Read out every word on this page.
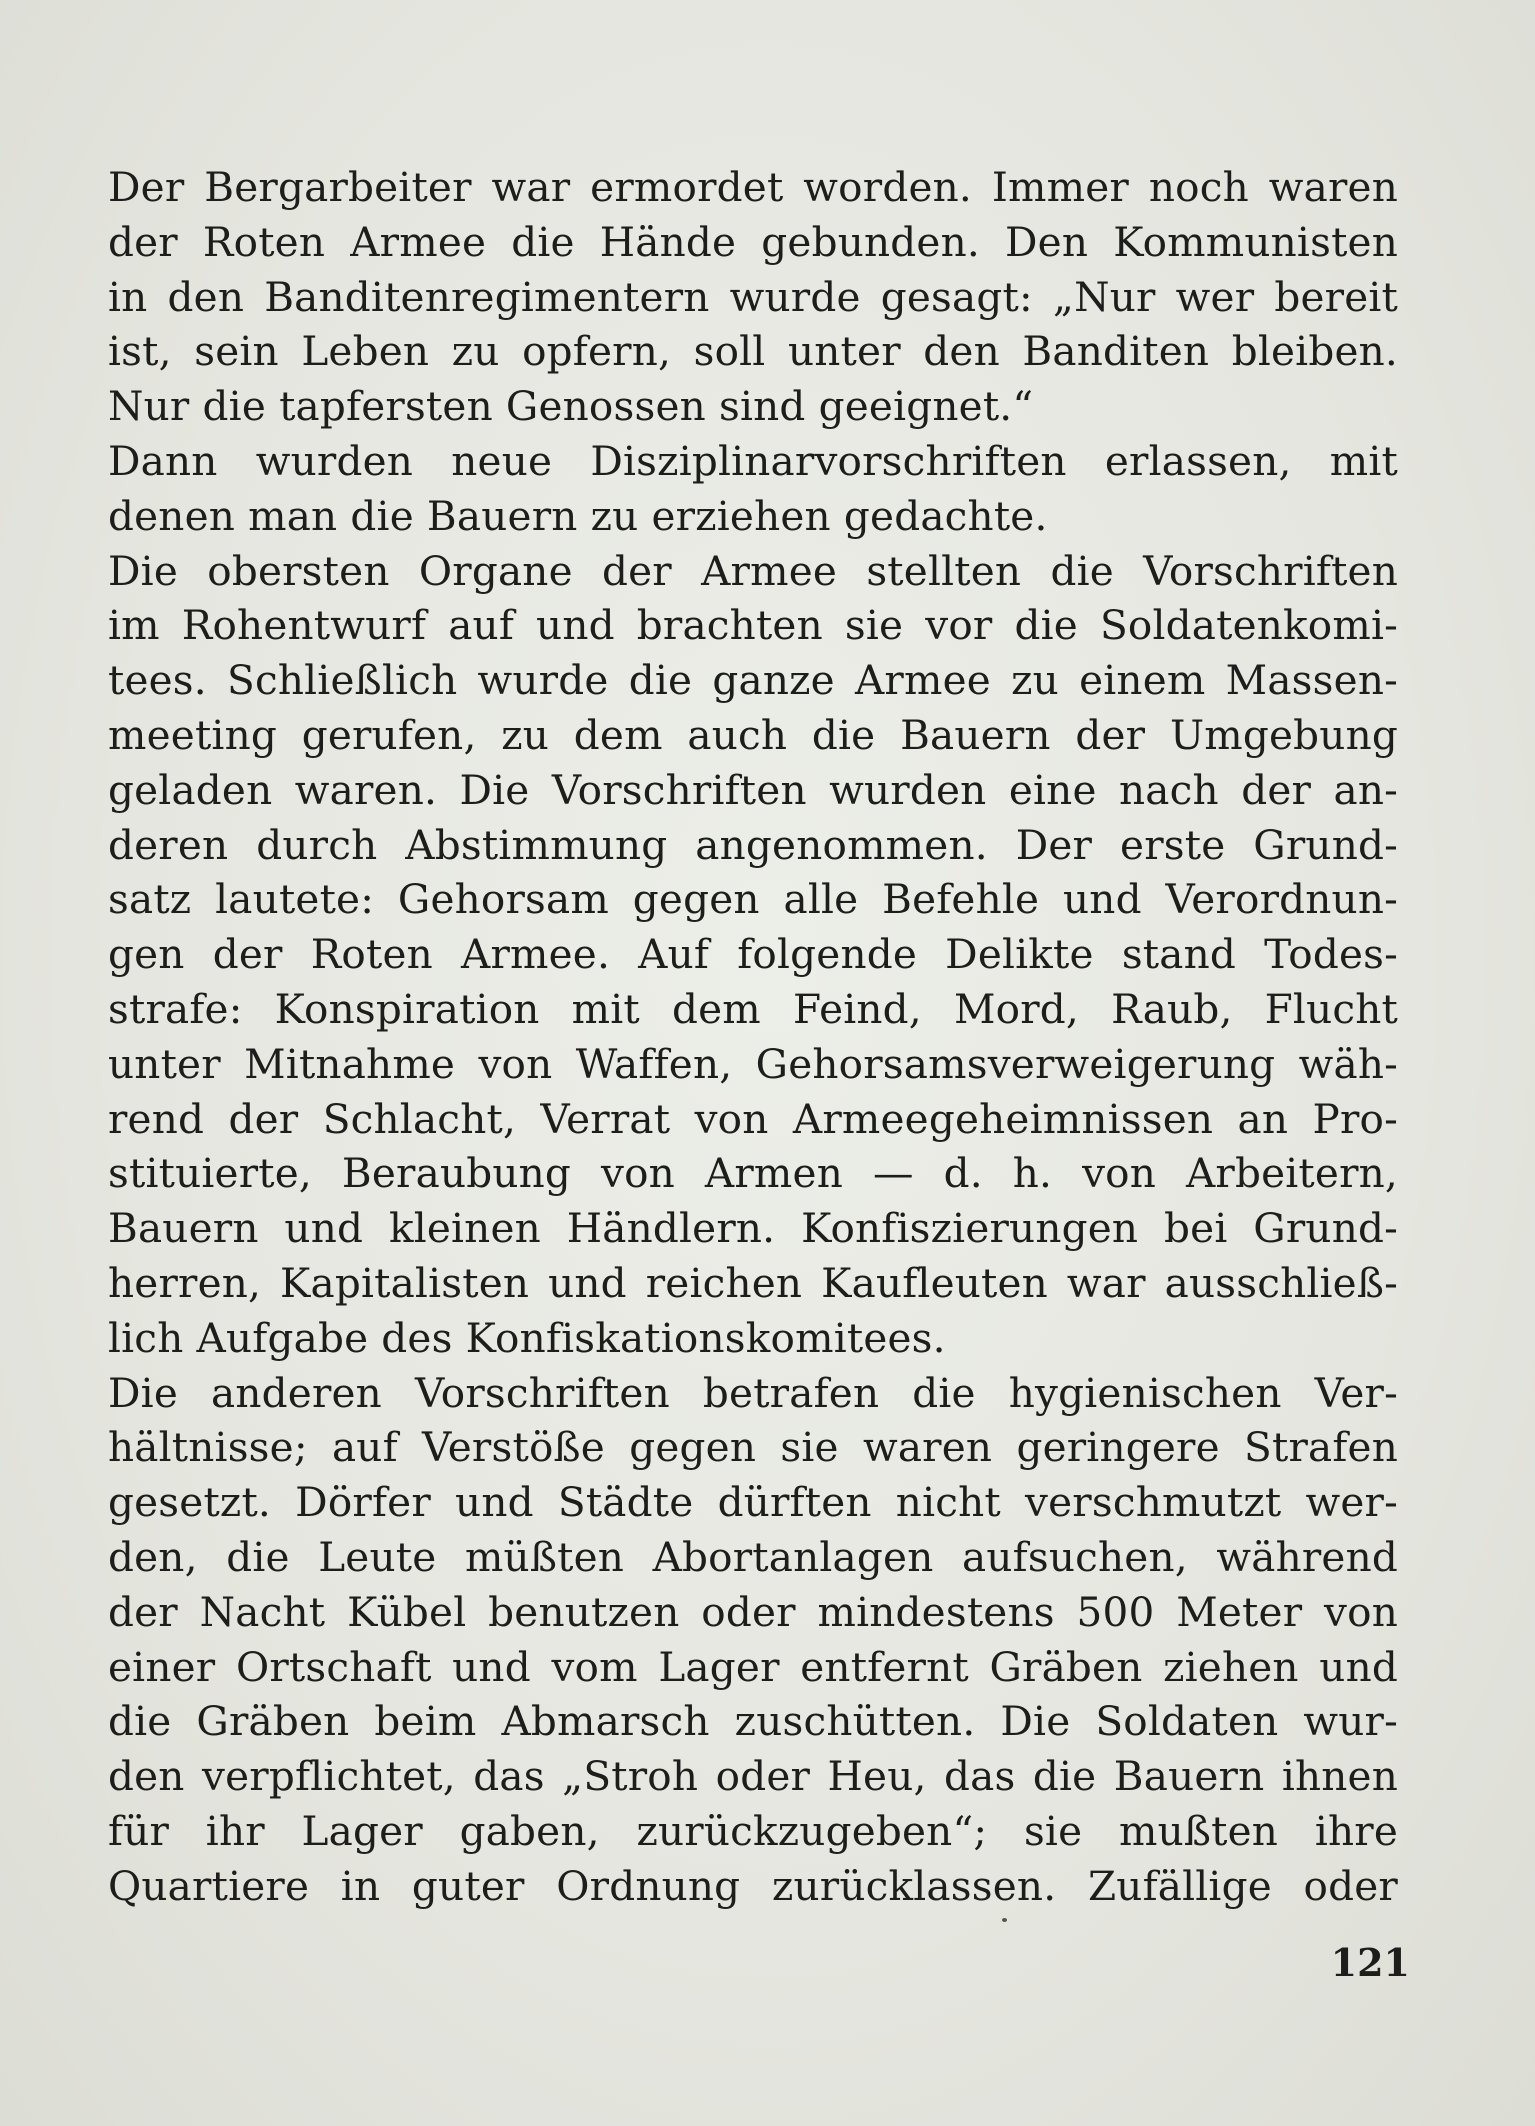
Der Bergarbeiter war ermordet worden. Immer noch waren
der Roten Armee die Hände gebunden. Den Kommunisten
in den Banditenregimentern wurde gesagt: „Nur wer bereit
ist, sein Leben zu opfern, soll unter den Banditen bleiben.
Nur die tapfersten Genossen sind geeignet.“
Dann wurden neue Disziplinarvorschriften erlassen, mit
denen man die Bauern zu erziehen gedachte.
Die obersten Organe der Armee stellten die Vorschriften
im Rohentwurf auf und brachten sie vor die Soldatenkomi-
tees. Schließlich wurde die ganze Armee zu einem Massen-
meeting gerufen, zu dem auch die Bauern der Umgebung
geladen waren. Die Vorschriften wurden eine nach der an-
deren durch Abstimmung angenommen. Der erste Grund-
satz lautete: Gehorsam gegen alle Befehle und Verordnun-
gen der Roten Armee. Auf folgende Delikte stand Todes-
strafe: Konspiration mit dem Feind, Mord, Raub, Flucht
unter Mitnahme von Waffen, Gehorsamsverweigerung wäh-
rend der Schlacht, Verrat von Armeegeheimnissen an Pro-
stituierte, Beraubung von Armen — d. h. von Arbeitern,
Bauern und kleinen Händlern. Konfiszierungen bei Grund-
herren, Kapitalisten und reichen Kaufleuten war ausschließ-
lich Aufgabe des Konfiskationskomitees.
Die anderen Vorschriften betrafen die hygienischen Ver-
hältnisse; auf Verstöße gegen sie waren geringere Strafen
gesetzt. Dörfer und Städte dürften nicht verschmutzt wer-
den, die Leute müßten Abortanlagen aufsuchen, während
der Nacht Kübel benutzen oder mindestens 500 Meter von
einer Ortschaft und vom Lager entfernt Gräben ziehen und
die Gräben beim Abmarsch zuschütten. Die Soldaten wur-
den verpflichtet, das „Stroh oder Heu, das die Bauern ihnen
für ihr Lager gaben, zurückzugeben“; sie mußten ihre
Quartiere in guter Ordnung zurücklassen. Zufällige oder
121
